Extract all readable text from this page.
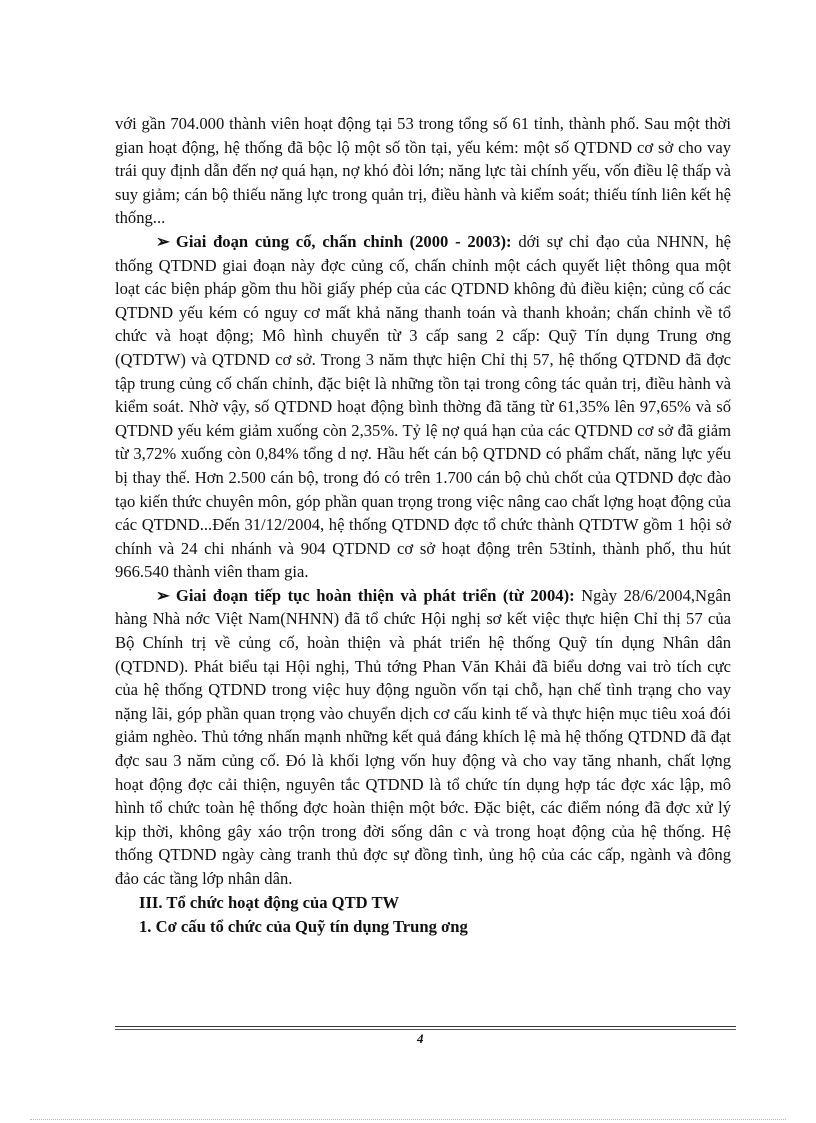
với gần 704.000 thành viên hoạt động tại 53 trong tổng số 61 tỉnh, thành phố. Sau một thời gian hoạt động, hệ thống đã bộc lộ một số tồn tại, yếu kém: một số QTDND cơ sở cho vay trái quy định dẫn đến nợ quá hạn, nợ khó đòi lớn; năng lực tài chính yếu, vốn điều lệ thấp và suy giảm; cán bộ thiếu năng lực trong quản trị, điều hành và kiểm soát; thiếu tính liên kết hệ thống...

➢ Giai đoạn củng cố, chấn chỉnh (2000 - 2003): dới sự chỉ đạo của NHNN, hệ thống QTDND giai đoạn này đợc củng cố, chấn chỉnh một cách quyết liệt thông qua một loạt các biện pháp gồm thu hồi giấy phép của các QTDND không đủ điều kiện; củng cố các QTDND yếu kém có nguy cơ mất khả năng thanh toán và thanh khoản; chấn chỉnh về tổ chức và hoạt động; Mô hình chuyển từ 3 cấp sang 2 cấp: Quỹ Tín dụng Trung ơng (QTDTW) và QTDND cơ sở. Trong 3 năm thực hiện Chỉ thị 57, hệ thống QTDND đã đợc tập trung củng cố chấn chỉnh, đặc biệt là những tồn tại trong công tác quản trị, điều hành và kiểm soát. Nhờ vậy, số QTDND hoạt động bình thờng đã tăng từ 61,35% lên 97,65% và số QTDND yếu kém giảm xuống còn 2,35%. Tỷ lệ nợ quá hạn của các QTDND cơ sở đã giảm từ 3,72% xuống còn 0,84% tổng d nợ. Hầu hết cán bộ QTDND có phẩm chất, năng lực yếu bị thay thế. Hơn 2.500 cán bộ, trong đó có trên 1.700 cán bộ chủ chốt của QTDND đợc đào tạo kiến thức chuyên môn, góp phần quan trọng trong việc nâng cao chất lợng hoạt động của các QTDND...Đến 31/12/2004, hệ thống QTDND đợc tổ chức thành QTDTW gồm 1 hội sở chính và 24 chi nhánh và 904 QTDND cơ sở hoạt động trên 53tỉnh, thành phố, thu hút 966.540 thành viên tham gia.

➢ Giai đoạn tiếp tục hoàn thiện và phát triển (từ 2004): Ngày 28/6/2004,Ngân hàng Nhà nớc Việt Nam(NHNN) đã tổ chức Hội nghị sơ kết việc thực hiện Chỉ thị 57 của Bộ Chính trị về củng cố, hoàn thiện và phát triển hệ thống Quỹ tín dụng Nhân dân (QTDND). Phát biểu tại Hội nghị, Thủ tớng Phan Văn Khải đã biểu dơng vai trò tích cực của hệ thống QTDND trong việc huy động nguồn vốn tại chỗ, hạn chế tình trạng cho vay nặng lãi, góp phần quan trọng vào chuyển dịch cơ cấu kinh tế và thực hiện mục tiêu xoá đói giảm nghèo. Thủ tớng nhấn mạnh những kết quả đáng khích lệ mà hệ thống QTDND đã đạt đợc sau 3 năm củng cố. Đó là khối lợng vốn huy động và cho vay tăng nhanh, chất lợng hoạt động đợc cải thiện, nguyên tắc QTDND là tổ chức tín dụng hợp tác đợc xác lập, mô hình tổ chức toàn hệ thống đợc hoàn thiện một bớc. Đặc biệt, các điểm nóng đã đợc xử lý kịp thời, không gây xáo trộn trong đời sống dân c và trong hoạt động của hệ thống. Hệ thống QTDND ngày càng tranh thủ đợc sự đồng tình, ủng hộ của các cấp, ngành và đông đảo các tầng lớp nhân dân.

III. Tổ chức hoạt động của QTD TW
1. Cơ cấu tổ chức của Quỹ tín dụng Trung ơng
4
